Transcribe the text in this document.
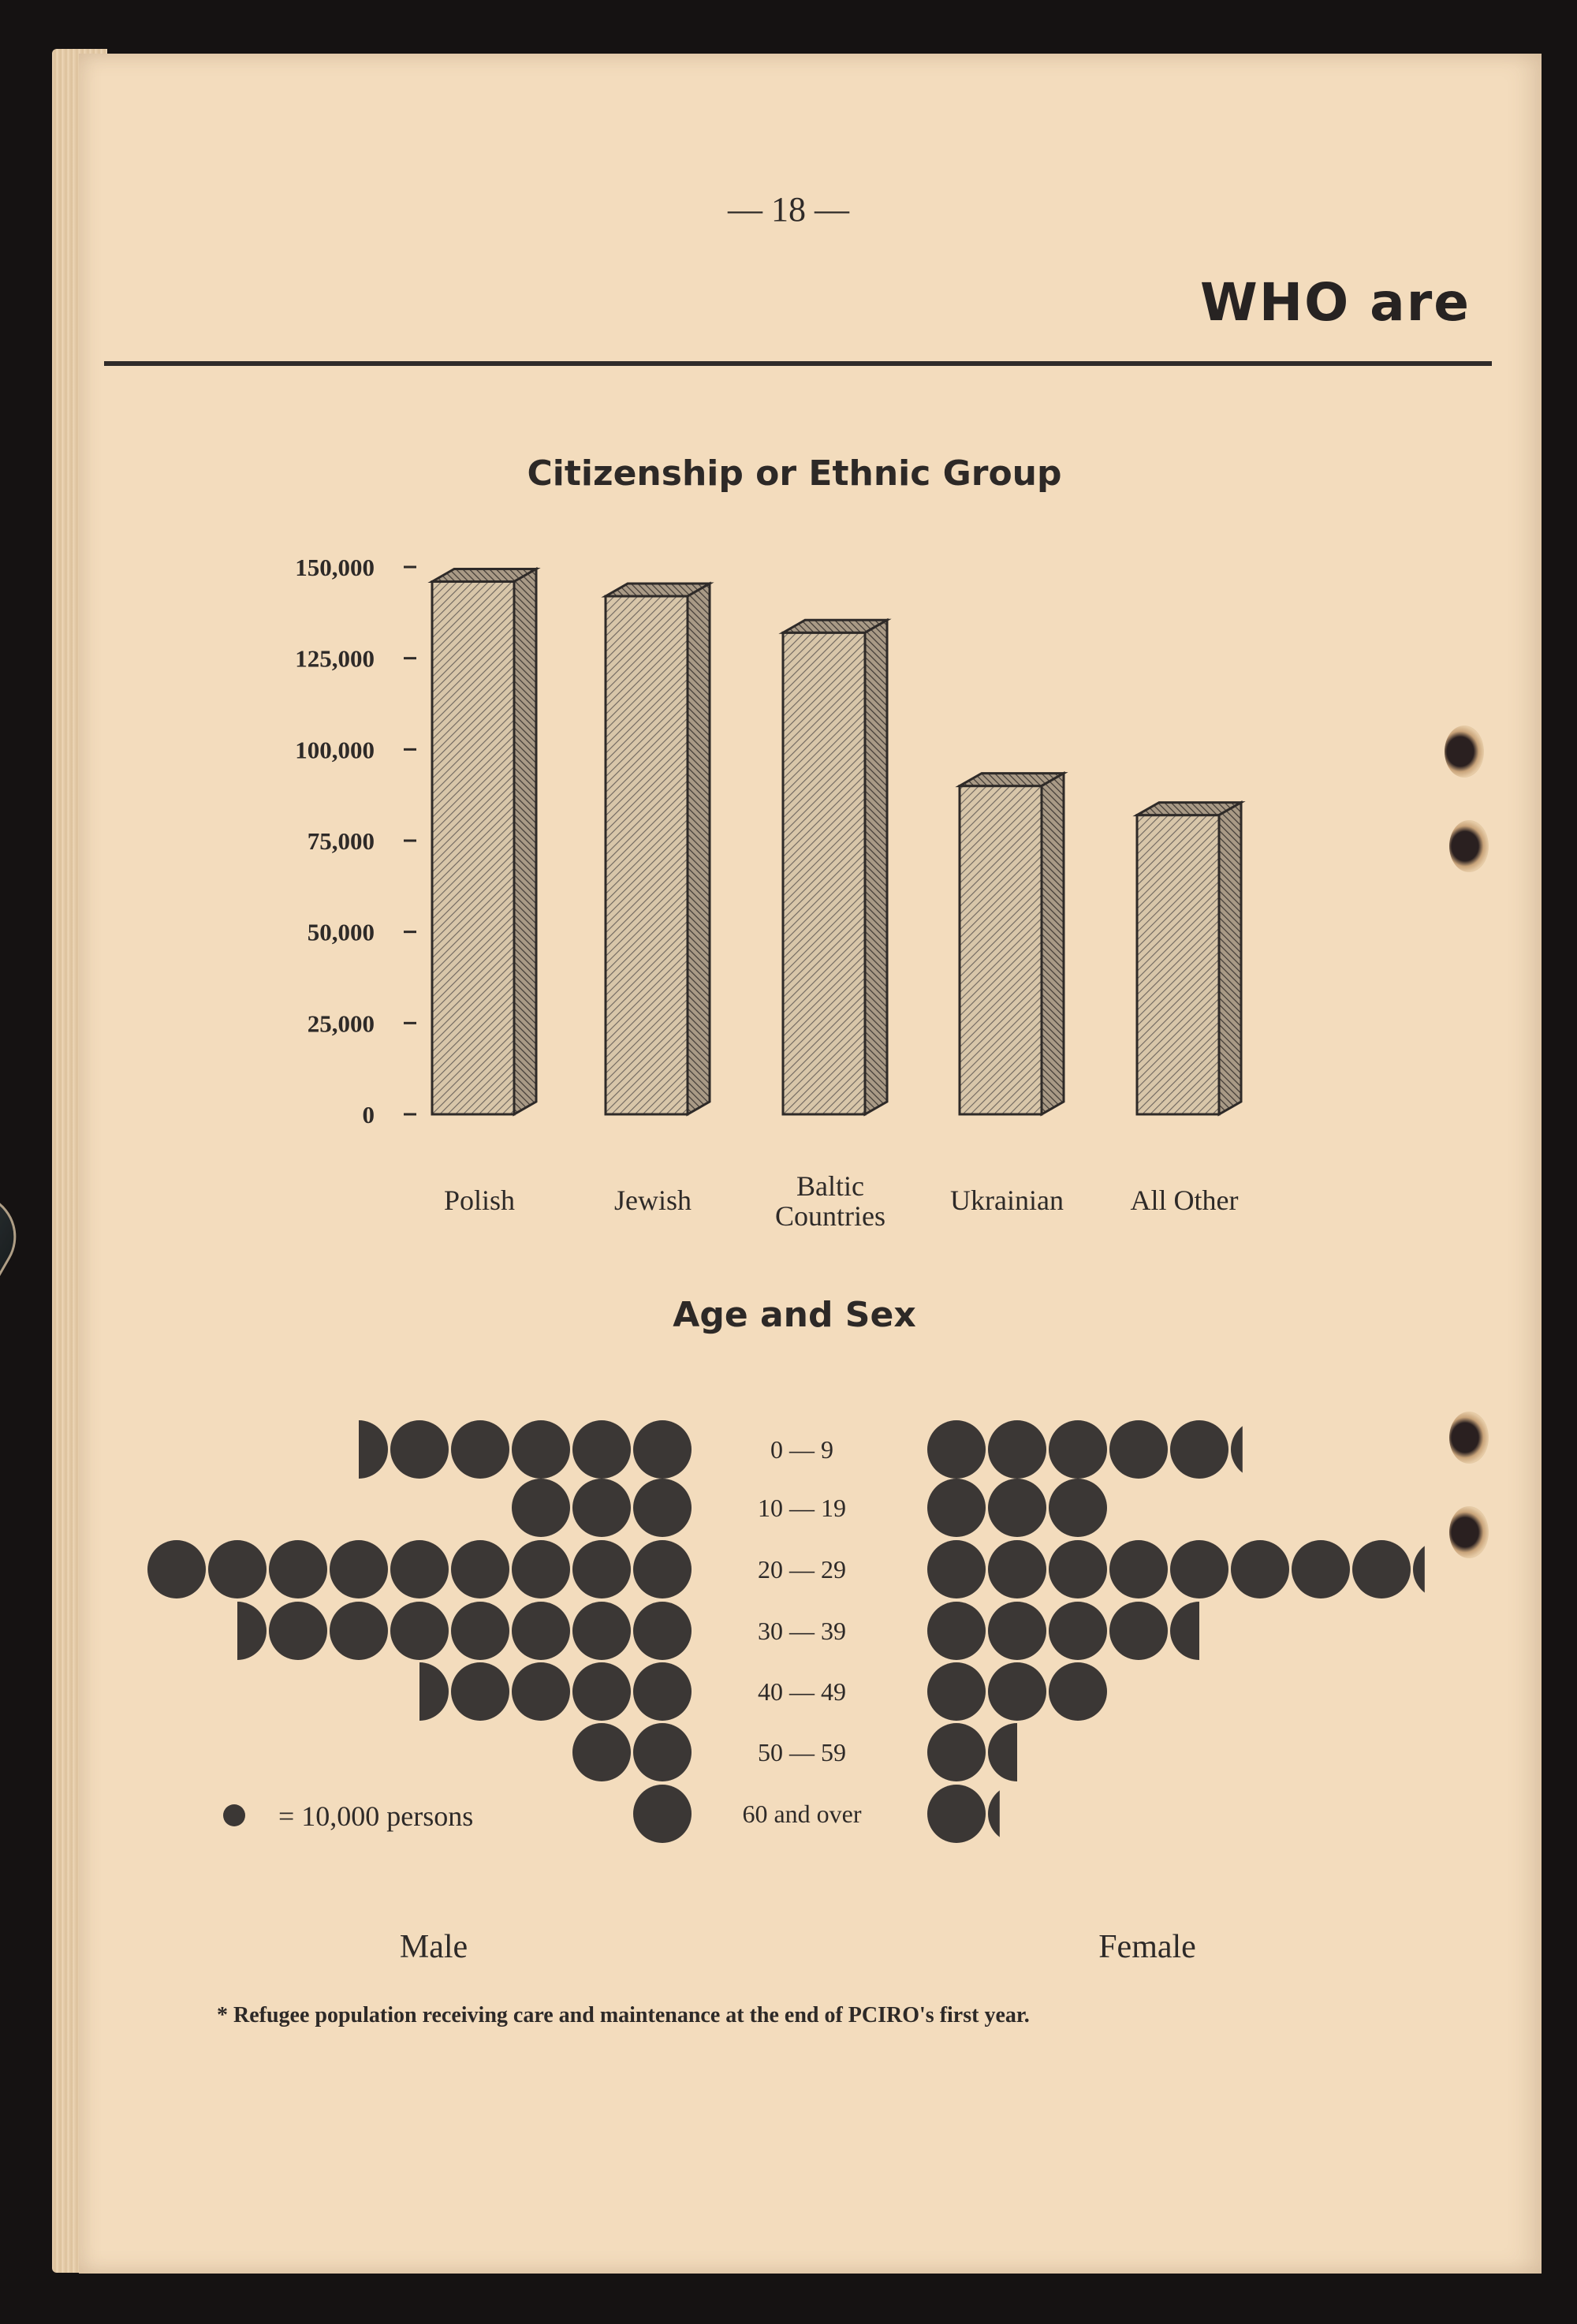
— 18 —
WHO are
Citizenship or Ethnic Group
Age and Sex
0
25,000
50,000
75,000
100,000
125,000
150,000
Polish	Jewish	Baltic
Countries Ukrainian All Other
0 — 9
10 — 19
20 — 29
30 — 39
40 — 49
50 — 59
60 and over
= 10,000 persons
Male	Female
* Refugee population receiving care and maintenance at the end of PCIRO's first year.
